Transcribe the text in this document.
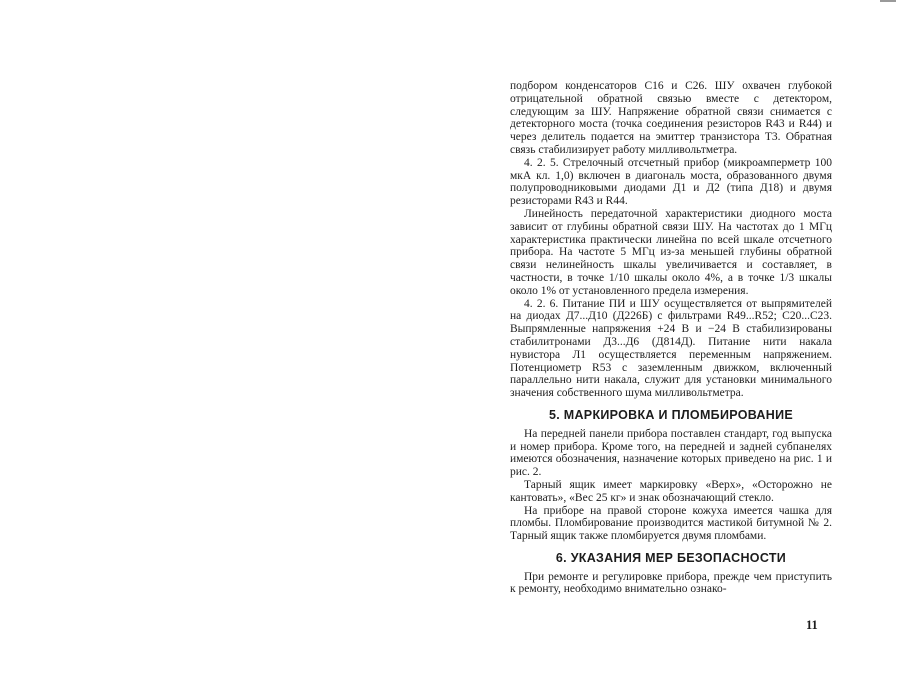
подбором конденсаторов С16 и С26. ШУ охвачен глубокой отрицательной обратной связью вместе с детектором, следующим за ШУ. Напряжение обратной связи снимается с детекторного моста (точка соединения резисторов R43 и R44) и через делитель подается на эмиттер транзистора Т3. Обратная связь стабилизирует работу милливольтметра.

4. 2. 5. Стрелочный отсчетный прибор (микроамперметр 100 мкА кл. 1,0) включен в диагональ моста, образованного двумя полупроводниковыми диодами Д1 и Д2 (типа Д18) и двумя резисторами R43 и R44.

Линейность передаточной характеристики диодного моста зависит от глубины обратной связи ШУ. На частотах до 1 МГц характеристика практически линейна по всей шкале отсчетного прибора. На частоте 5 МГц из-за меньшей глубины обратной связи нелинейность шкалы увеличивается и составляет, в частности, в точке 1/10 шкалы около 4%, а в точке 1/3 шкалы около 1% от установленного предела измерения.

4. 2. 6. Питание ПИ и ШУ осуществляется от выпрямителей на диодах Д7...Д10 (Д226Б) с фильтрами R49...R52; С20...С23. Выпрямленные напряжения +24 В и −24 В стабилизированы стабилитронами Д3...Д6 (Д814Д). Питание нити накала нувистора Л1 осуществляется переменным напряжением. Потенциометр R53 с заземленным движком, включенный параллельно нити накала, служит для установки минимального значения собственного шума милливольтметра.

5. МАРКИРОВКА И ПЛОМБИРОВАНИЕ

На передней панели прибора поставлен стандарт, год выпуска и номер прибора. Кроме того, на передней и задней субпанелях имеются обозначения, назначение которых приведено на рис. 1 и рис. 2.

Тарный ящик имеет маркировку «Верх», «Осторожно не кантовать», «Вес 25 кг» и знак обозначающий стекло.

На приборе на правой стороне кожуха имеется чашка для пломбы. Пломбирование производится мастикой битумной № 2. Тарный ящик также пломбируется двумя пломбами.

6. УКАЗАНИЯ МЕР БЕЗОПАСНОСТИ

При ремонте и регулировке прибора, прежде чем приступить к ремонту, необходимо внимательно ознако-

11
